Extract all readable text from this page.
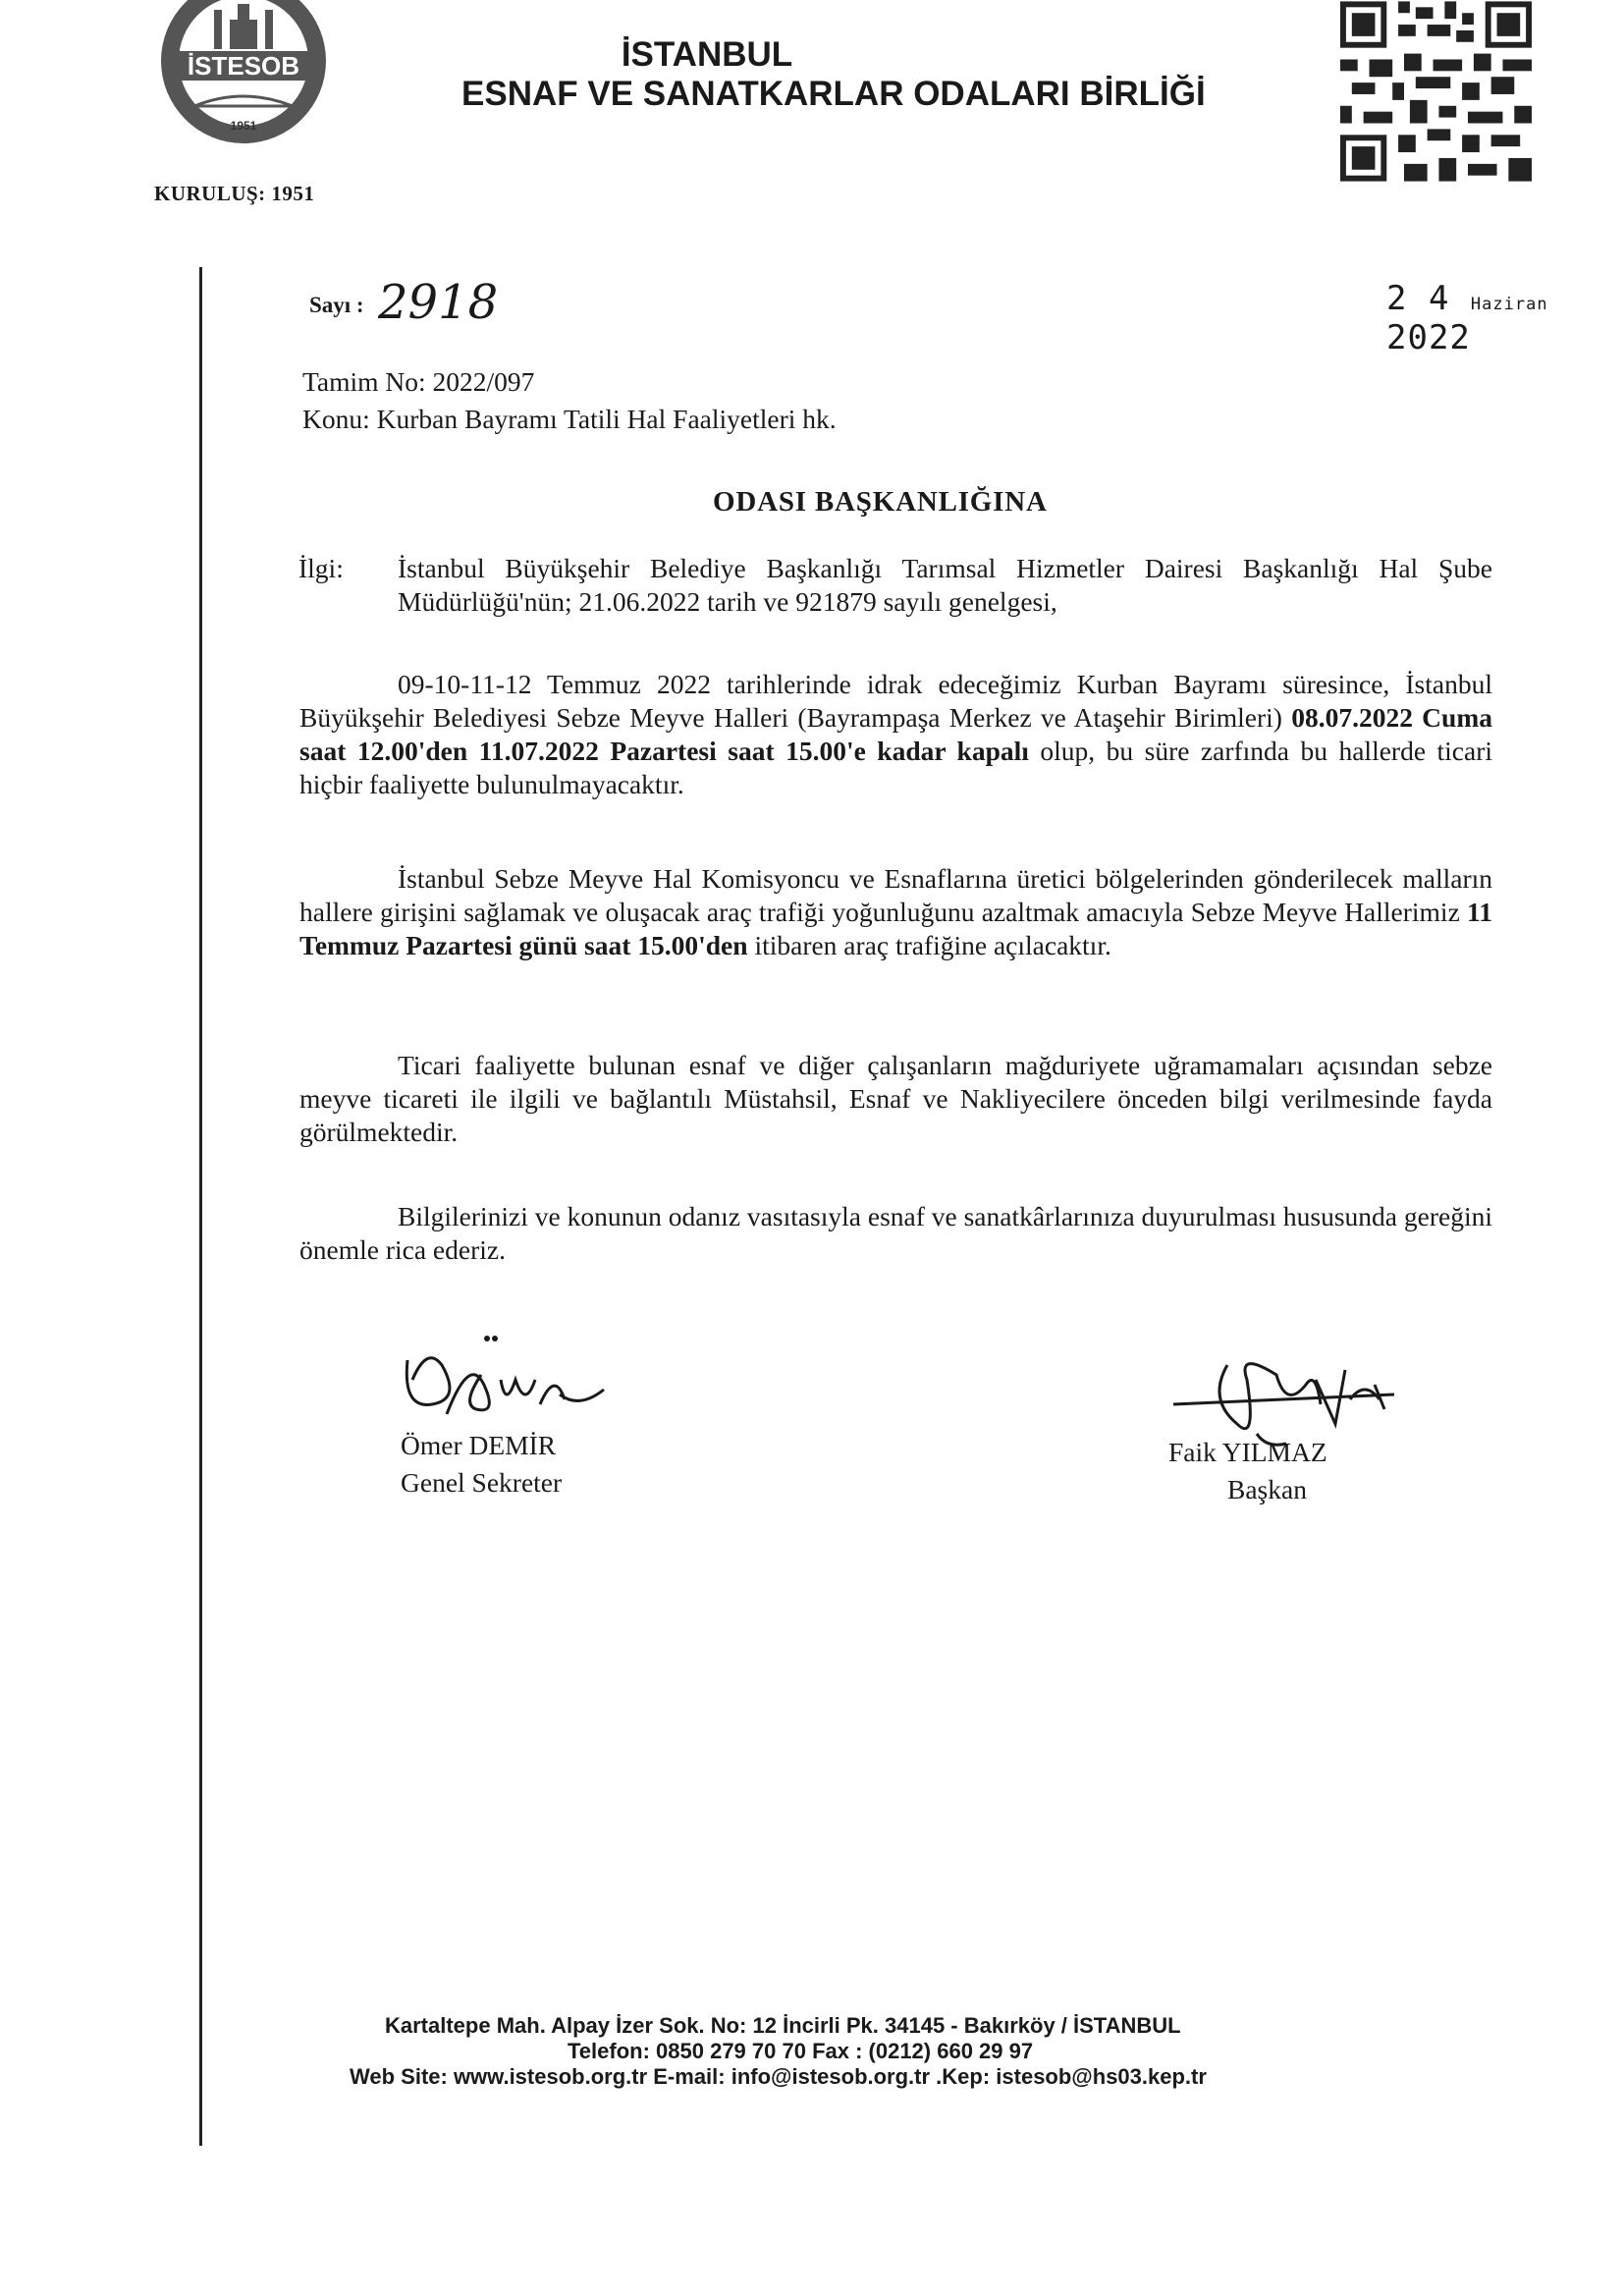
İSTESOB
1951
KURULUŞ: 1951
İSTANBUL
ESNAF VE SANATKARLAR ODALARI BİRLİĞİ
Sayı : 2918	2 4 Haziran 2022
Tamim No: 2022/097
Konu: Kurban Bayramı Tatili Hal Faaliyetleri hk.
ODASI BAŞKANLIĞINA
İlgi: İstanbul Büyükşehir Belediye Başkanlığı Tarımsal Hizmetler Dairesi Başkanlığı Hal Şube Müdürlüğü'nün; 21.06.2022 tarih ve 921879 sayılı genelgesi,
09-10-11-12 Temmuz 2022 tarihlerinde idrak edeceğimiz Kurban Bayramı süresince, İstanbul Büyükşehir Belediyesi Sebze Meyve Halleri (Bayrampaşa Merkez ve Ataşehir Birimleri) 08.07.2022 Cuma saat 12.00'den 11.07.2022 Pazartesi saat 15.00'e kadar kapalı olup, bu süre zarfında bu hallerde ticari hiçbir faaliyette bulunulmayacaktır.
İstanbul Sebze Meyve Hal Komisyoncu ve Esnaflarına üretici bölgelerinden gönderilecek malların hallere girişini sağlamak ve oluşacak araç trafiği yoğunluğunu azaltmak amacıyla Sebze Meyve Hallerimiz 11 Temmuz Pazartesi günü saat 15.00'den itibaren araç trafiğine açılacaktır.
Ticari faaliyette bulunan esnaf ve diğer çalışanların mağduriyete uğramamaları açısından sebze meyve ticareti ile ilgili ve bağlantılı Müstahsil, Esnaf ve Nakliyecilere önceden bilgi verilmesinde fayda görülmektedir.
Bilgilerinizi ve konunun odanız vasıtasıyla esnaf ve sanatkârlarınıza duyurulması hususunda gereğini önemle rica ederiz.
Ömer DEMİR
Genel Sekreter
Faik YILMAZ
Başkan
Kartaltepe Mah. Alpay İzer Sok. No: 12 İncirli Pk. 34145 - Bakırköy / İSTANBUL
Telefon: 0850 279 70 70 Fax : (0212) 660 29 97
Web Site: www.istesob.org.tr E-mail: info@istesob.org.tr .Kep: istesob@hs03.kep.tr
